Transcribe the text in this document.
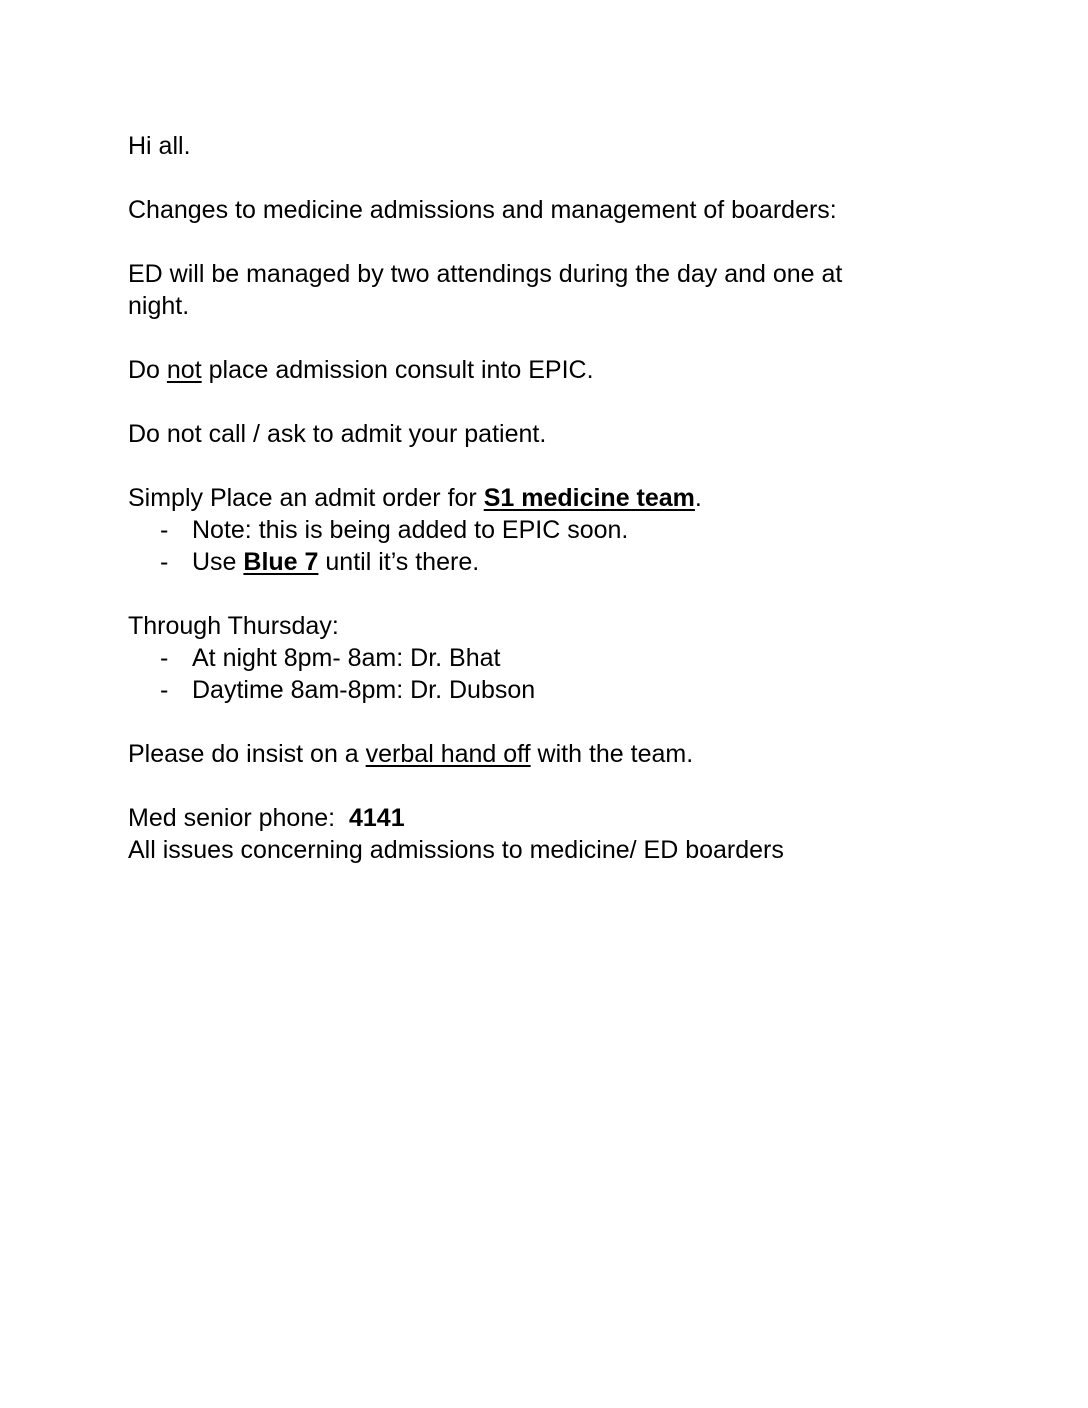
Hi all.

Changes to medicine admissions and management of boarders:

ED will be managed by two attendings during the day and one at

night.

Do not place admission consult into EPIC.

Do not call / ask to admit your patient.

Simply Place an admit order for S1 medicine team.

- Note: this is being added to EPIC soon.
- Use Blue 7 until it’s there.

Through Thursday:

- At night 8pm- 8am: Dr. Bhat
- Daytime 8am-8pm: Dr. Dubson

Please do insist on a verbal hand off with the team.

Med senior phone:  4141

All issues concerning admissions to medicine/ ED boarders
